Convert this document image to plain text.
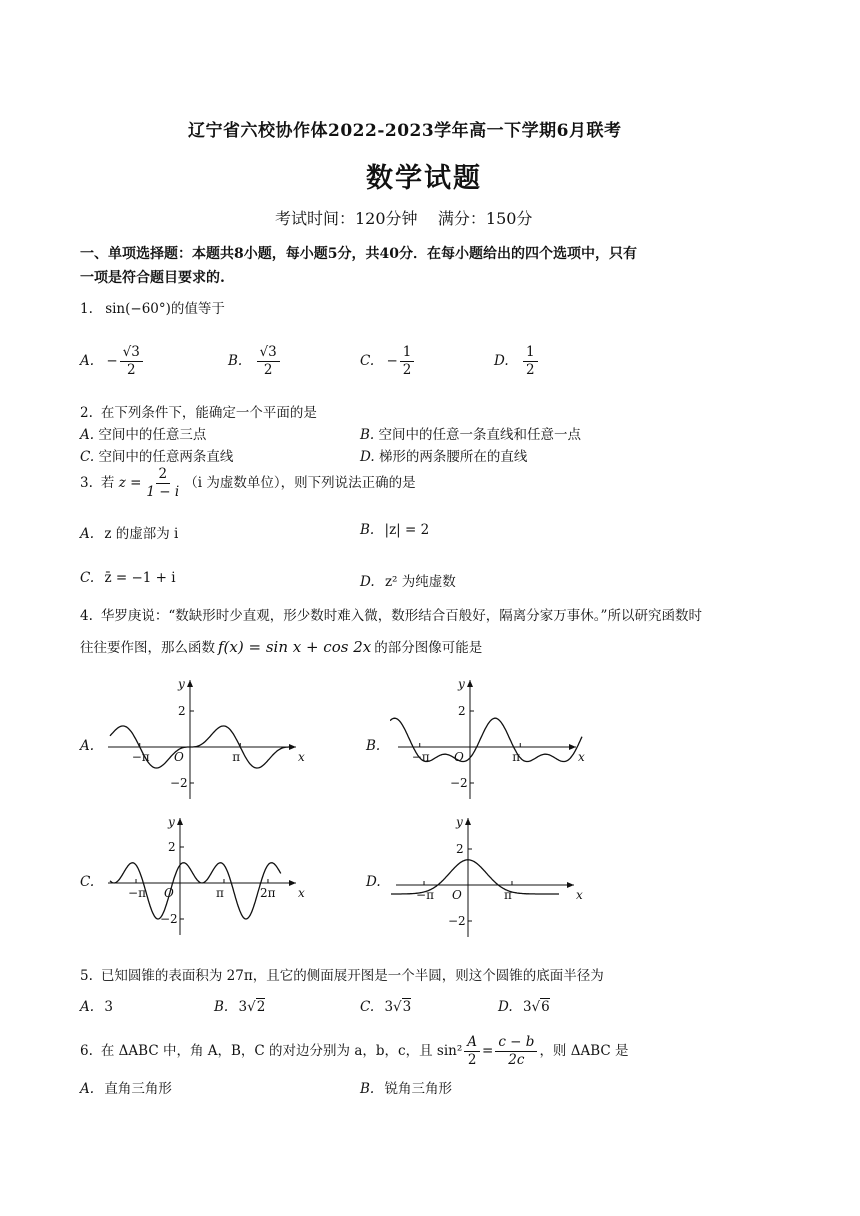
辽宁省六校协作体2022-2023学年高一下学期6月联考
数学试题
考试时间：120分钟    满分：150分
一、单项选择题：本题共8小题，每小题5分，共40分．在每小题给出的四个选项中，只有
一项是符合题目要求的.
1. sin(−60°)的值等于
A. − $\frac{√3}{2}$	B. $\frac{√3}{2}$	C. − $\frac{1}{2}$	D. $\frac{1}{2}$
2. 在下列条件下，能确定一个平面的是
A. 空间中的任意三点	B. 空间中的任意一条直线和任意一点
C. 空间中的任意两条直线	D. 梯形的两条腰所在的直线
3. 若 $z = \frac{2}{1 - i} (i$ 为虚数单位），则下列说法正确的是
A. z 的虚部为 i	B. |z| = 2
C. z̄ = −1 + i	D. z² 为纯虚数
4. 华罗庚说：“数缺形时少直观，形少数时难入微，数形结合百般好，隔离分家万事休。”所以研究函数时
往往要作图，那么函数 f(x) = sin x + cos 2x 的部分图像可能是
A.	B.
C.	D.
x
y
O
2
−2
−π	π	x
y
O
2
−2
−π	π
x
y
O
2
−2
−π	π	2π	x
y
O
2
−2
−π	π
5. 已知圆锥的表面积为 27π，且它的侧面展开图是一个半圆，则这个圆锥的底面半径为
A. 3	B. 3√2	C. 3√3	D. 3√6
6. 在 ΔABC 中，角 A，B，C 的对边分别为 a，b，c，且 $\sin^2 \frac{A}{2} = \frac{c - b}{2c}$ ，则 ΔABC 是
A. 直角三角形	B. 锐角三角形
